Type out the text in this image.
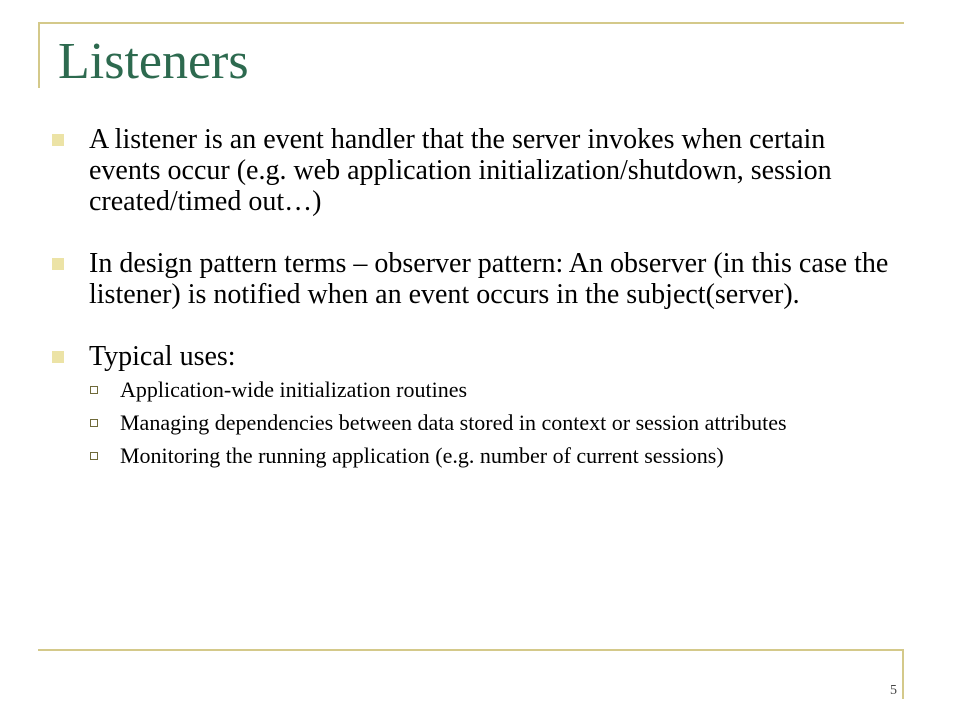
Listeners
A listener is an event handler that the server invokes when certain events occur (e.g. web application initialization/shutdown, session created/timed out…)
In design pattern terms – observer pattern: An observer (in this case the listener) is notified when an event occurs in the subject(server).
Typical uses:
Application-wide initialization routines
Managing dependencies between data stored in context or session attributes
Monitoring the running application (e.g. number of current sessions)
5
